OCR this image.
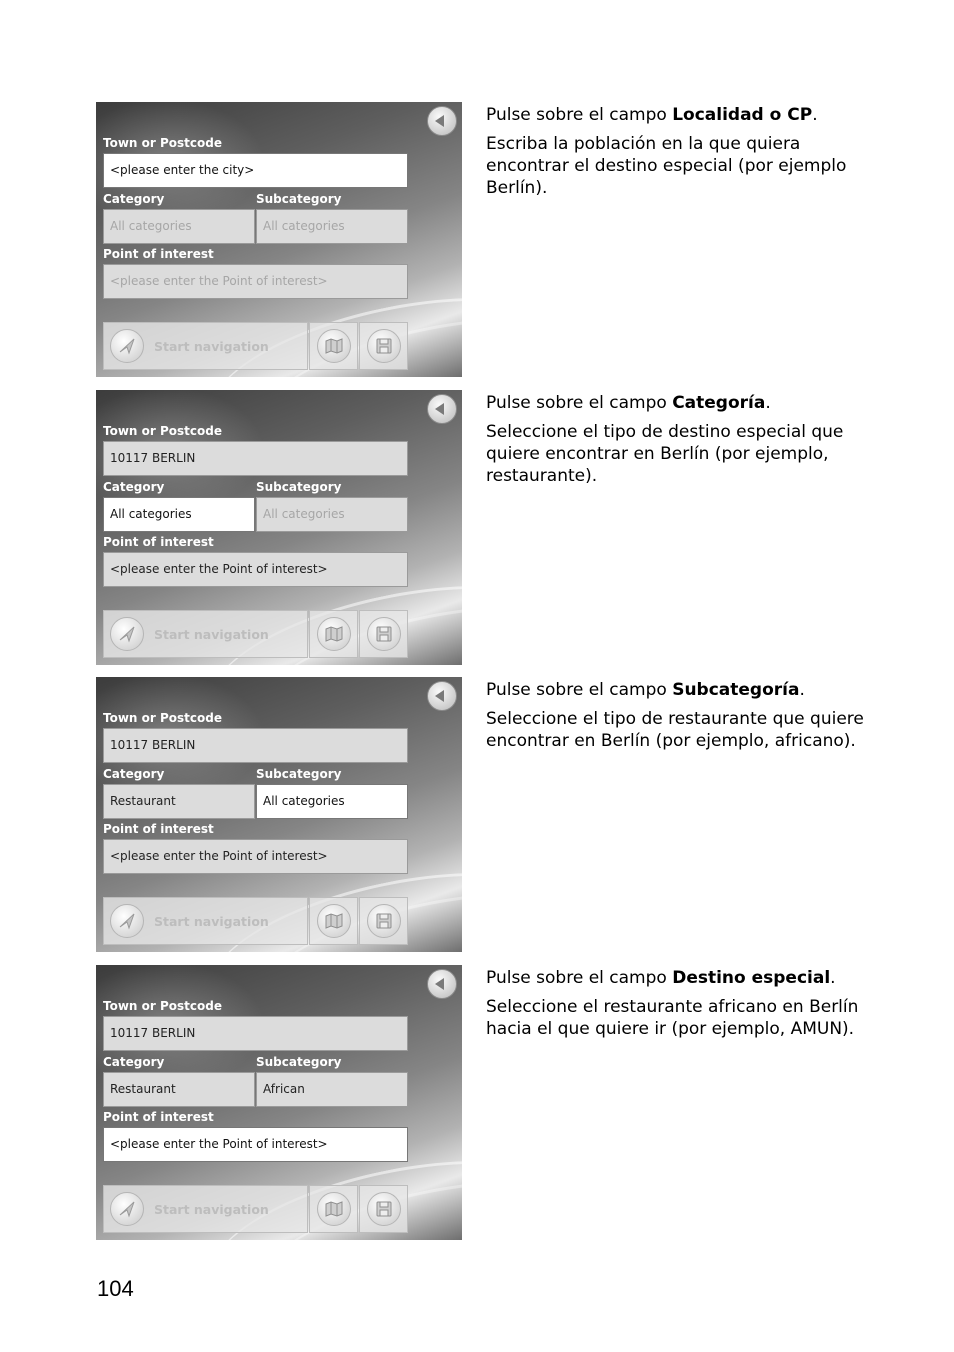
Town or Postcode
<please enter the city>
Category	Subcategory
All categories	All categories
Point of interest
<please enter the Point of interest>
Start navigation

Pulse sobre el campo Localidad o CP.

Escriba la población en la que quiera encontrar el destino especial (por ejemplo Berlín).

Town or Postcode
10117 BERLIN
Category	Subcategory
All categories	All categories
Point of interest
<please enter the Point of interest>
Start navigation

Pulse sobre el campo Categoría.

Seleccione el tipo de destino especial que quiere encontrar en Berlín (por ejemplo, restaurante).

Town or Postcode
10117 BERLIN
Category	Subcategory
Restaurant	All categories
Point of interest
<please enter the Point of interest>
Start navigation

Pulse sobre el campo Subcategoría.

Seleccione el tipo de restaurante que quiere encontrar en Berlín (por ejemplo, africano).

Town or Postcode
10117 BERLIN
Category	Subcategory
Restaurant	African
Point of interest
<please enter the Point of interest>
Start navigation

Pulse sobre el campo Destino especial.

Seleccione el restaurante africano en Berlín hacia el que quiere ir (por ejemplo, AMUN).

104
